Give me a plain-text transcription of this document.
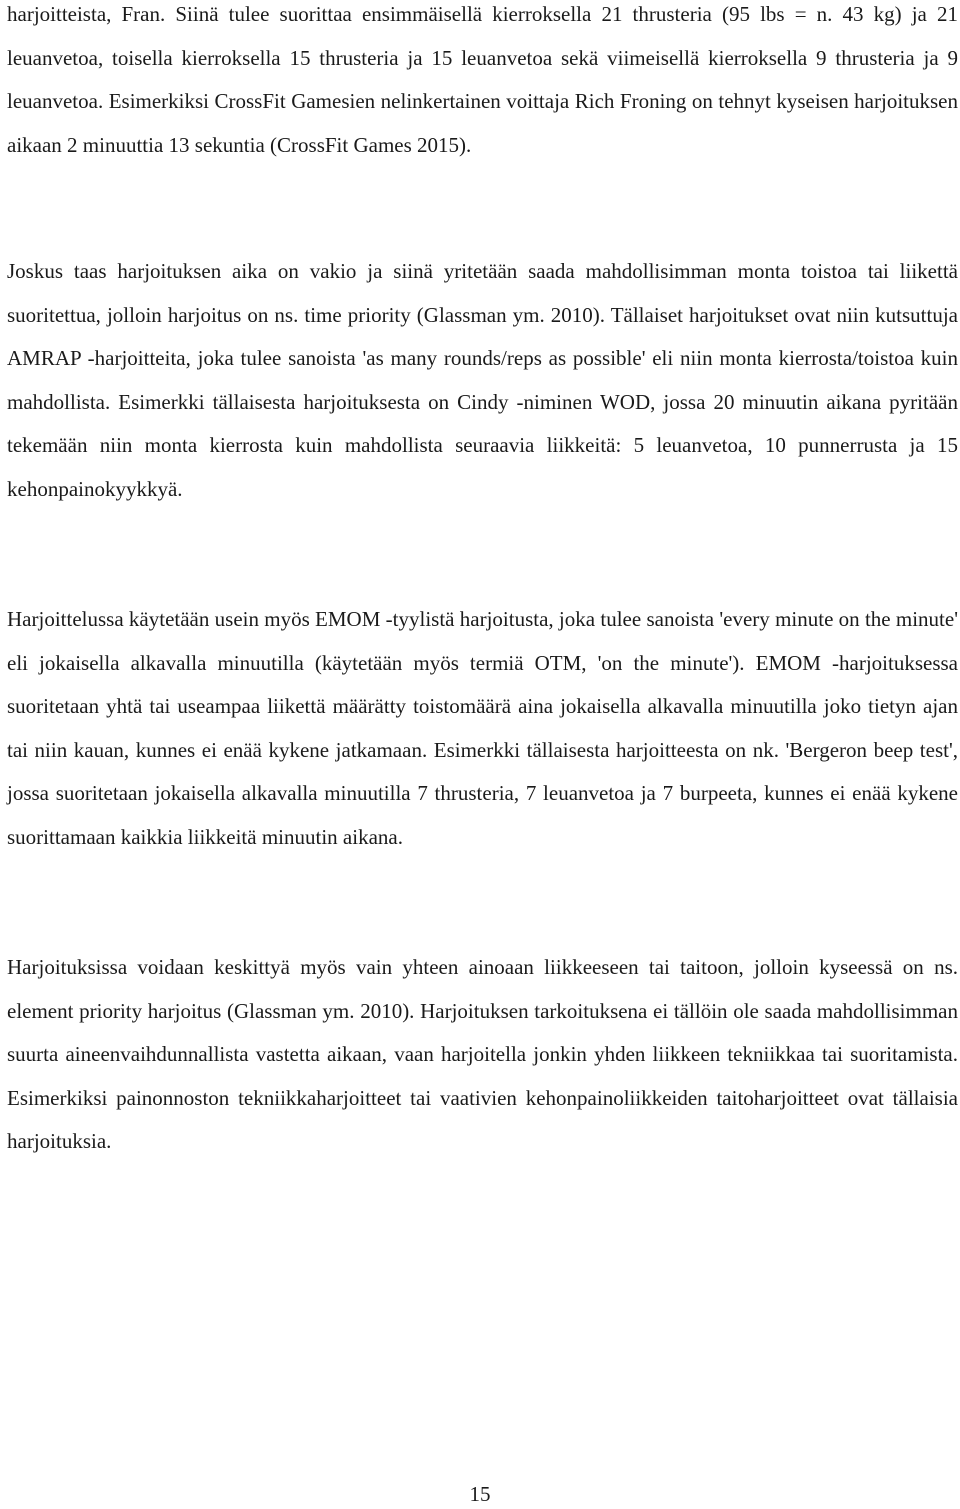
harjoitteista, Fran. Siinä tulee suorittaa ensimmäisellä kierroksella 21 thrusteria (95 lbs = n. 43 kg) ja 21 leuanvetoa, toisella kierroksella 15 thrusteria ja 15 leuanvetoa sekä viimeisellä kierroksella 9 thrusteria ja 9 leuanvetoa. Esimerkiksi CrossFit Gamesien nelinkertainen voittaja Rich Froning on tehnyt kyseisen harjoituksen aikaan 2 minuuttia 13 sekuntia (CrossFit Games 2015).

Joskus taas harjoituksen aika on vakio ja siinä yritetään saada mahdollisimman monta toistoa tai liikettä suoritettua, jolloin harjoitus on ns. time priority (Glassman ym. 2010). Tällaiset harjoitukset ovat niin kutsuttuja AMRAP -harjoitteita, joka tulee sanoista 'as many rounds/reps as possible' eli niin monta kierrosta/toistoa kuin mahdollista. Esimerkki tällaisesta harjoituksesta on Cindy -niminen WOD, jossa 20 minuutin aikana pyritään tekemään niin monta kierrosta kuin mahdollista seuraavia liikkeitä: 5 leuanvetoa, 10 punnerrusta ja 15 kehonpainokyykkyä.

Harjoittelussa käytetään usein myös EMOM -tyylistä harjoitusta, joka tulee sanoista 'every minute on the minute' eli jokaisella alkavalla minuutilla (käytetään myös termiä OTM, 'on the minute'). EMOM -harjoituksessa suoritetaan yhtä tai useampaa liikettä määrätty toistomäärä aina jokaisella alkavalla minuutilla joko tietyn ajan tai niin kauan, kunnes ei enää kykene jatkamaan. Esimerkki tällaisesta harjoitteesta on nk. 'Bergeron beep test', jossa suoritetaan jokaisella alkavalla minuutilla 7 thrusteria, 7 leuanvetoa ja 7 burpeeta, kunnes ei enää kykene suorittamaan kaikkia liikkeitä minuutin aikana.

Harjoituksissa voidaan keskittyä myös vain yhteen ainoaan liikkeeseen tai taitoon, jolloin kyseessä on ns. element priority harjoitus (Glassman ym. 2010). Harjoituksen tarkoituksena ei tällöin ole saada mahdollisimman suurta aineenvaihdunnallista vastetta aikaan, vaan harjoitella jonkin yhden liikkeen tekniikkaa tai suoritamista. Esimerkiksi painonnoston tekniikkaharjoitteet tai vaativien kehonpainoliikkeiden taitoharjoitteet ovat tällaisia harjoituksia.

15
